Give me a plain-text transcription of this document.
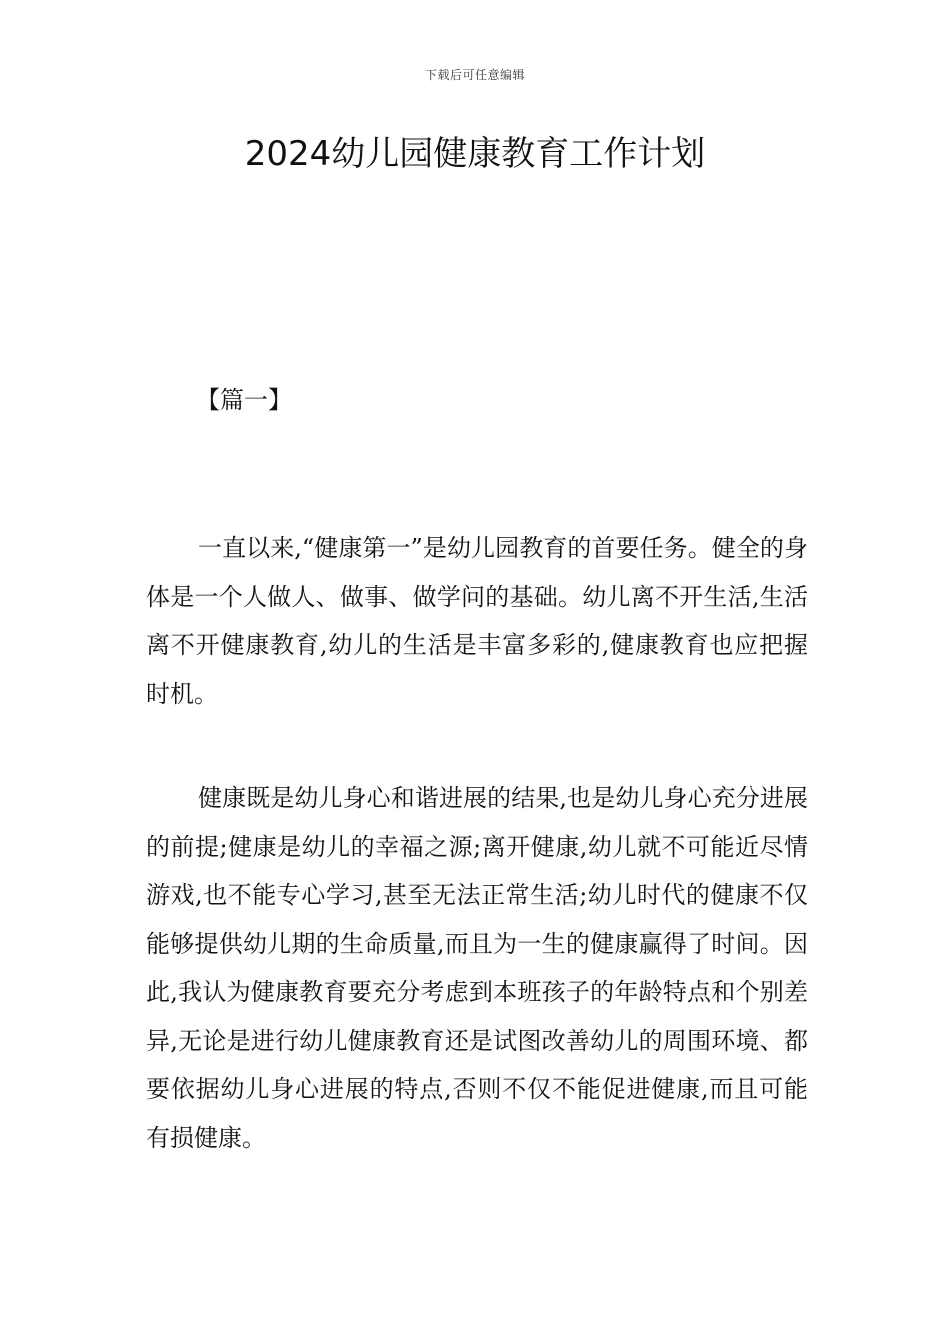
下载后可任意编辑
2024幼儿园健康教育工作计划
【篇一】

一直以来,“健康第一”是幼儿园教育的首要任务。健全的身体是一个人做人、做事、做学问的基础。幼儿离不开生活,生活离不开健康教育,幼儿的生活是丰富多彩的,健康教育也应把握时机。

健康既是幼儿身心和谐进展的结果,也是幼儿身心充分进展的前提;健康是幼儿的幸福之源;离开健康,幼儿就不可能近尽情游戏,也不能专心学习,甚至无法正常生活;幼儿时代的健康不仅能够提供幼儿期的生命质量,而且为一生的健康赢得了时间。因此,我认为健康教育要充分考虑到本班孩子的年龄特点和个别差异,无论是进行幼儿健康教育还是试图改善幼儿的周围环境、都要依据幼儿身心进展的特点,否则不仅不能促进健康,而且可能有损健康。
